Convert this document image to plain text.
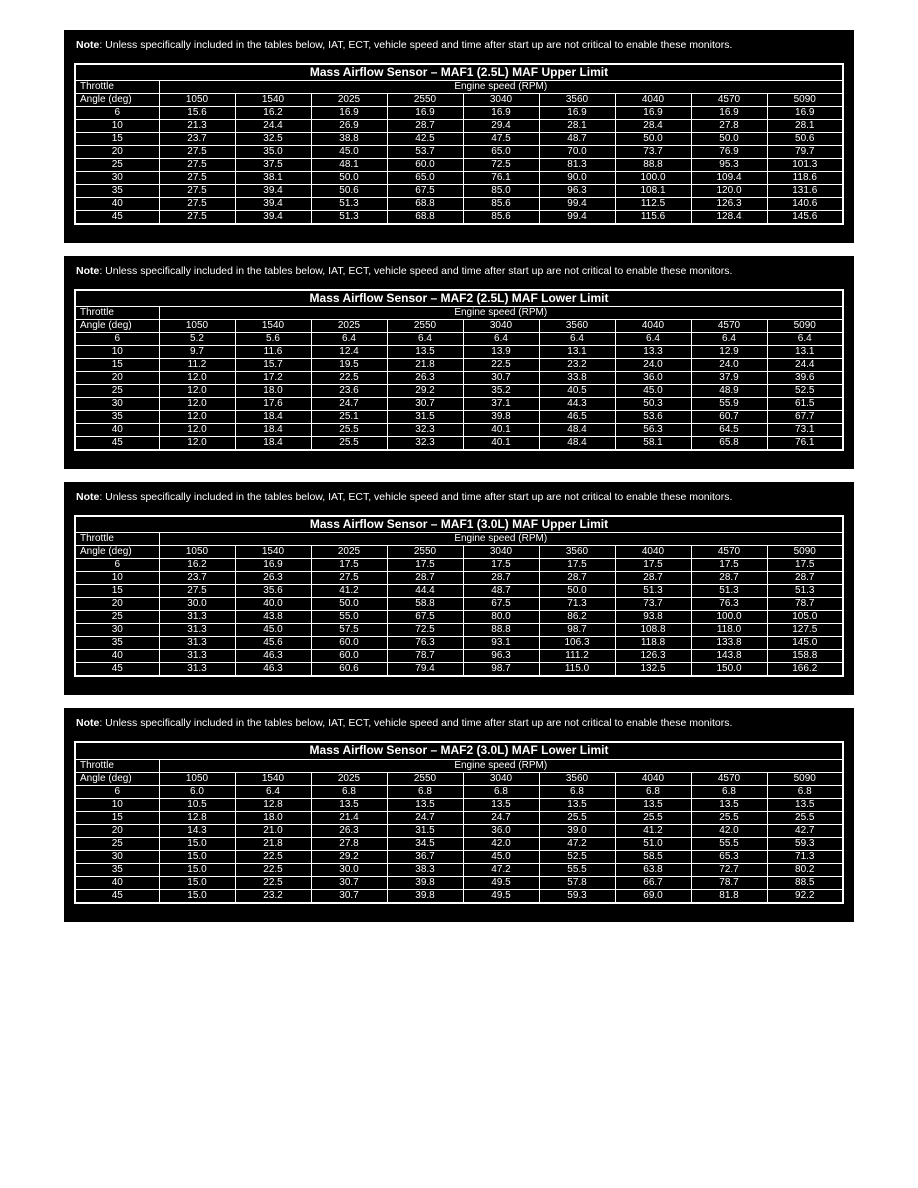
Note: Unless specifically included in the tables below, IAT, ECT, vehicle speed and time after start up are not critical to enable these monitors.

Mass Airflow Sensor – MAF1 (2.5L) MAF Upper Limit									
Throttle	Engine speed (RPM)								
Angle (deg)	1050	1540	2025	2550	3040	3560	4040	4570	5090
6	15.6	16.2	16.9	16.9	16.9	16.9	16.9	16.9	16.9
10	21.3	24.4	26.9	28.7	29.4	28.1	28.4	27.8	28.1
15	23.7	32.5	38.8	42.5	47.5	48.7	50.0	50.0	50.6
20	27.5	35.0	45.0	53.7	65.0	70.0	73.7	76.9	79.7
25	27.5	37.5	48.1	60.0	72.5	81.3	88.8	95.3	101.3
30	27.5	38.1	50.0	65.0	76.1	90.0	100.0	109.4	118.6
35	27.5	39.4	50.6	67.5	85.0	96.3	108.1	120.0	131.6
40	27.5	39.4	51.3	68.8	85.6	99.4	112.5	126.3	140.6
45	27.5	39.4	51.3	68.8	85.6	99.4	115.6	128.4	145.6

Note: Unless specifically included in the tables below, IAT, ECT, vehicle speed and time after start up are not critical to enable these monitors.

Mass Airflow Sensor – MAF2 (2.5L) MAF Lower Limit									
Throttle	Engine speed (RPM)								
Angle (deg)	1050	1540	2025	2550	3040	3560	4040	4570	5090
6	5.2	5.6	6.4	6.4	6.4	6.4	6.4	6.4	6.4
10	9.7	11.6	12.4	13.5	13.9	13.1	13.3	12.9	13.1
15	11.2	15.7	19.5	21.8	22.5	23.2	24.0	24.0	24.4
20	12.0	17.2	22.5	26.3	30.7	33.8	36.0	37.9	39.6
25	12.0	18.0	23.6	29.2	35.2	40.5	45.0	48.9	52.5
30	12.0	17.6	24.7	30.7	37.1	44.3	50.3	55.9	61.5
35	12.0	18.4	25.1	31.5	39.8	46.5	53.6	60.7	67.7
40	12.0	18.4	25.5	32.3	40.1	48.4	56.3	64.5	73.1
45	12.0	18.4	25.5	32.3	40.1	48.4	58.1	65.8	76.1

Note: Unless specifically included in the tables below, IAT, ECT, vehicle speed and time after start up are not critical to enable these monitors.

Mass Airflow Sensor – MAF1 (3.0L) MAF Upper Limit									
Throttle	Engine speed (RPM)								
Angle (deg)	1050	1540	2025	2550	3040	3560	4040	4570	5090
6	16.2	16.9	17.5	17.5	17.5	17.5	17.5	17.5	17.5
10	23.7	26.3	27.5	28.7	28.7	28.7	28.7	28.7	28.7
15	27.5	35.6	41.2	44.4	48.7	50.0	51.3	51.3	51.3
20	30.0	40.0	50.0	58.8	67.5	71.3	73.7	76.3	78.7
25	31.3	43.8	55.0	67.5	80.0	86.2	93.8	100.0	105.0
30	31.3	45.0	57.5	72.5	88.8	98.7	108.8	118.0	127.5
35	31.3	45.6	60.0	76.3	93.1	106.3	118.8	133.8	145.0
40	31.3	46.3	60.0	78.7	96.3	111.2	126.3	143.8	158.8
45	31.3	46.3	60.6	79.4	98.7	115.0	132.5	150.0	166.2

Note: Unless specifically included in the tables below, IAT, ECT, vehicle speed and time after start up are not critical to enable these monitors.

Mass Airflow Sensor – MAF2 (3.0L) MAF Lower Limit									
Throttle	Engine speed (RPM)								
Angle (deg)	1050	1540	2025	2550	3040	3560	4040	4570	5090
6	6.0	6.4	6.8	6.8	6.8	6.8	6.8	6.8	6.8
10	10.5	12.8	13.5	13.5	13.5	13.5	13.5	13.5	13.5
15	12.8	18.0	21.4	24.7	24.7	25.5	25.5	25.5	25.5
20	14.3	21.0	26.3	31.5	36.0	39.0	41.2	42.0	42.7
25	15.0	21.8	27.8	34.5	42.0	47.2	51.0	55.5	59.3
30	15.0	22.5	29.2	36.7	45.0	52.5	58.5	65.3	71.3
35	15.0	22.5	30.0	38.3	47.2	55.5	63.8	72.7	80.2
40	15.0	22.5	30.7	39.8	49.5	57.8	66.7	78.7	88.5
45	15.0	23.2	30.7	39.8	49.5	59.3	69.0	81.8	92.2
